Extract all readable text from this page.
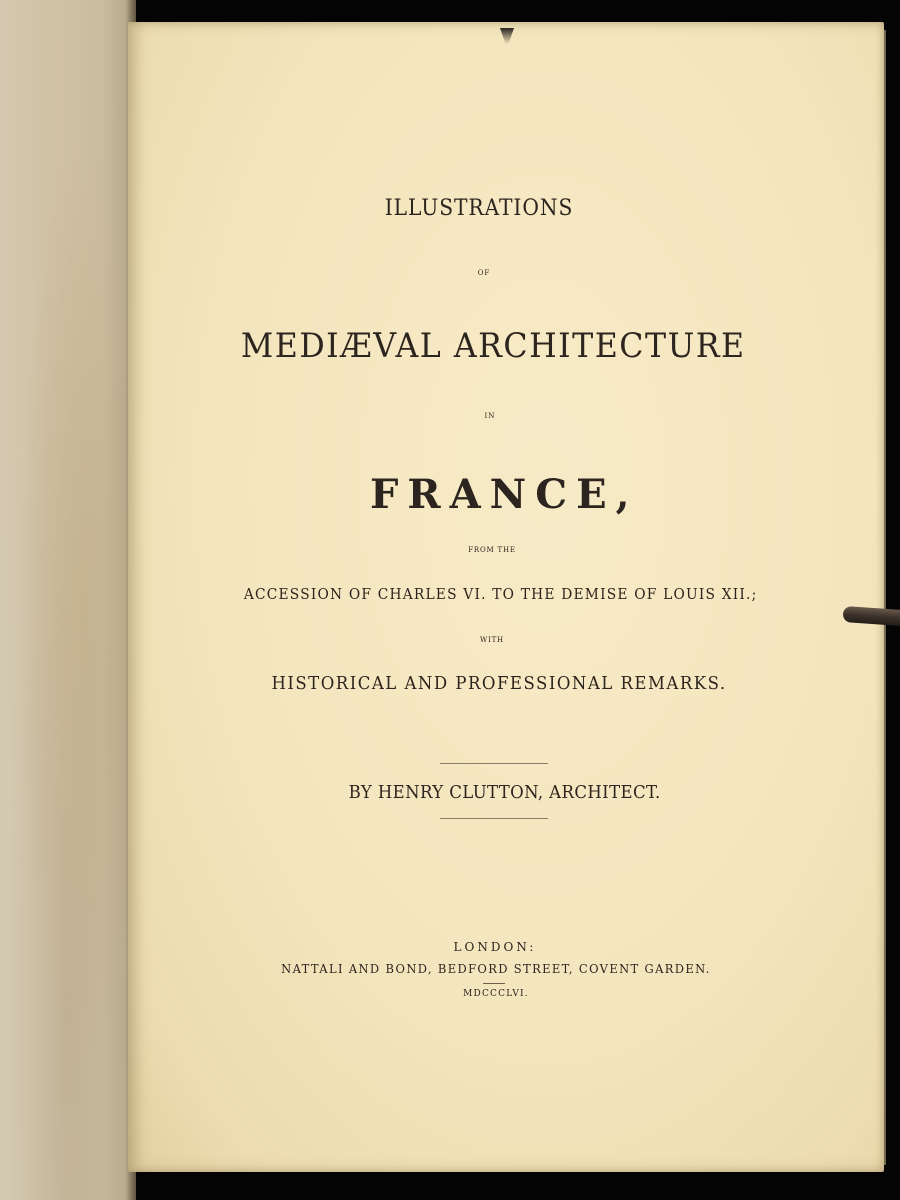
ILLUSTRATIONS
OF
MEDIÆVAL ARCHITECTURE
IN
FRANCE,
FROM THE
ACCESSION OF CHARLES VI. TO THE DEMISE OF LOUIS XII.;
WITH
HISTORICAL AND PROFESSIONAL REMARKS.
BY HENRY CLUTTON, ARCHITECT.
LONDON:
NATTALI AND BOND, BEDFORD STREET, COVENT GARDEN.
MDCCCLVI.
